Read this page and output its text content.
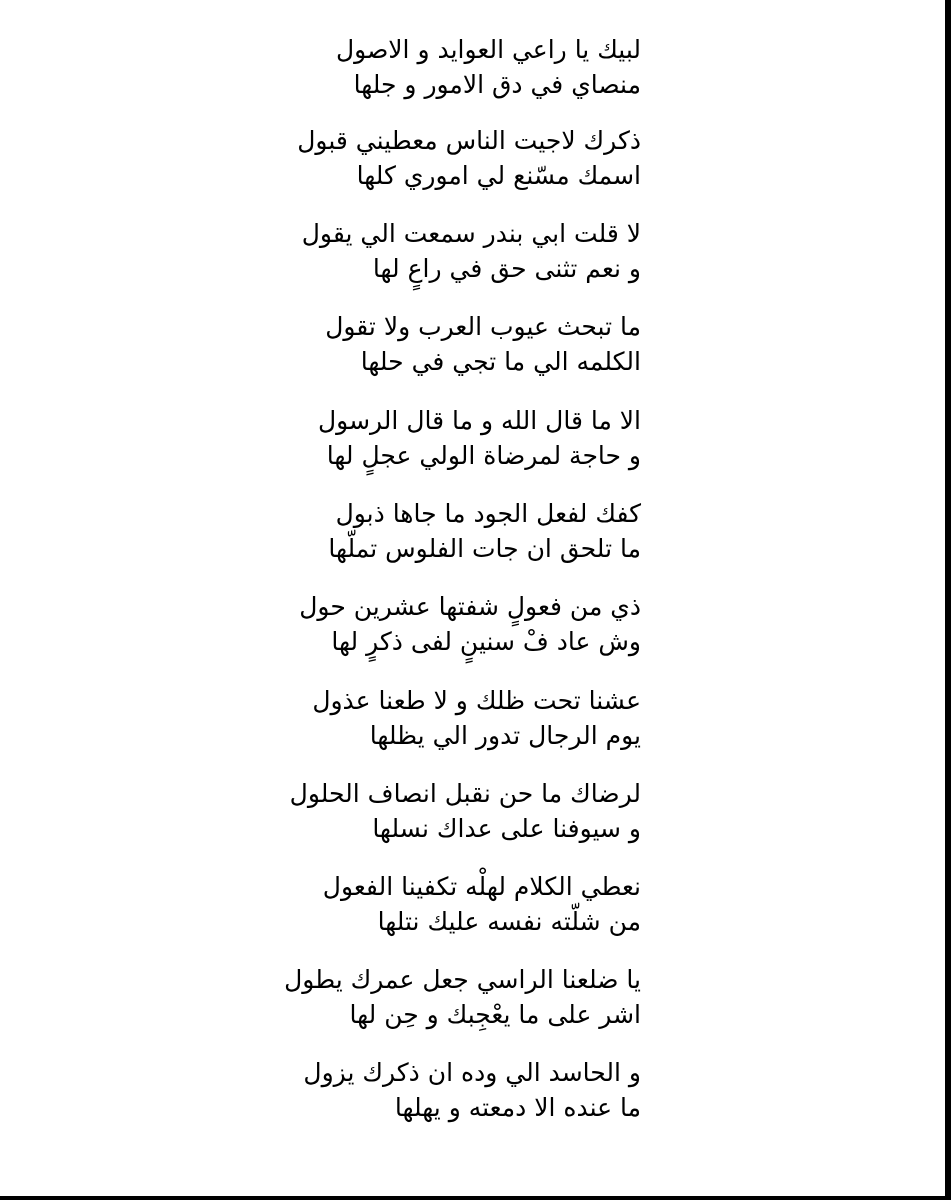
لبيك يا راعي العوايد و الاصول
منصاي في دق الامور و جلها
ذكرك لاجيت الناس معطيني قبول
اسمك مسّنع لي اموري كلها
لا قلت ابي بندر سمعت الي يقول
و نعم تثنى حق في راعٍ لها
ما تبحث عيوب العرب ولا تقول
الكلمه الي ما تجي في حلها
الا ما قال الله و ما قال الرسول
و حاجة لمرضاة الولي عجلٍ لها
كفك لفعل الجود ما جاها ذبول
ما تلحق ان جات الفلوس تملّها
ذي من فعولٍ شفتها عشرين حول
وش عاد فْ سنينٍ لفى ذكرٍ لها
عشنا تحت ظلك و لا طعنا عذول
يوم الرجال تدور الي يظلها
لرضاك ما حن نقبل انصاف الحلول
و سيوفنا على عداك نسلها
نعطي الكلام لهلْه تكفينا الفعول
من شلّته نفسه عليك نتلها
يا ضلعنا الراسي جعل عمرك يطول
اشر على ما يعْجِبك و حِن لها
و الحاسد الي وده ان ذكرك يزول
ما عنده الا دمعته و يهلها
